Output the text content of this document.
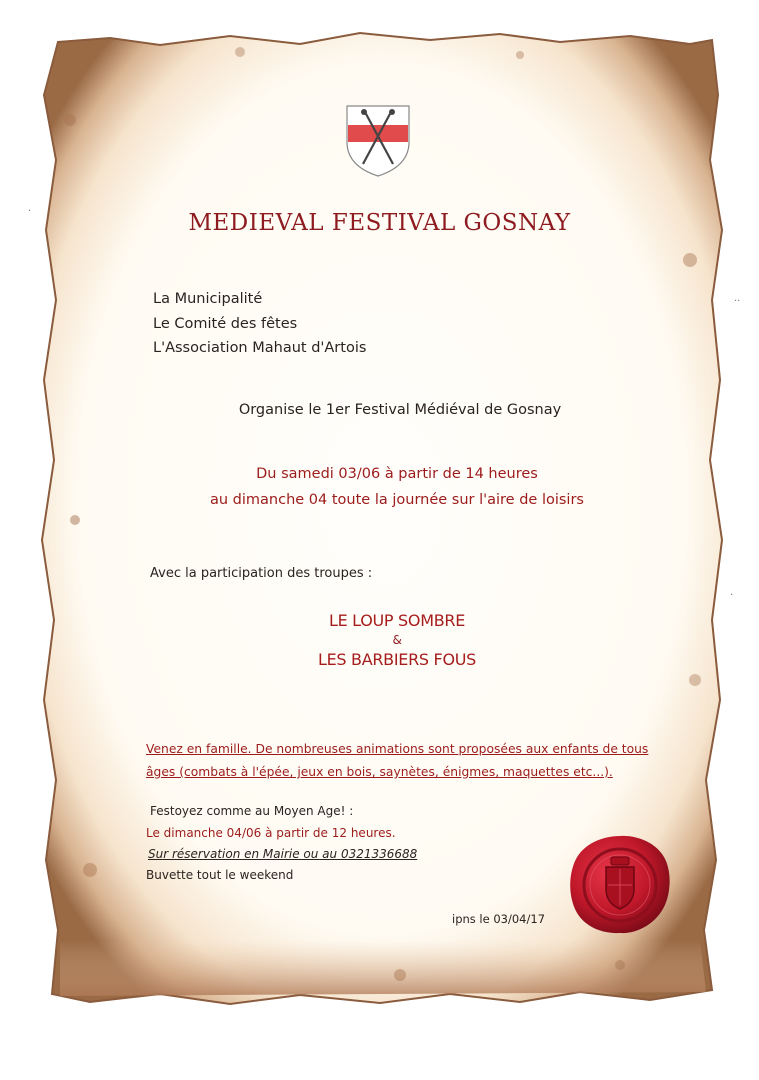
·
··
·
MEDIEVAL FESTIVAL GOSNAY
La Municipalité
Le Comité des fêtes
L'Association Mahaut d'Artois
Organise le 1er Festival Médiéval de Gosnay
Du samedi 03/06 à partir de 14 heures
au dimanche 04 toute la journée sur l'aire de loisirs
Avec la participation des troupes :
LE LOUP SOMBRE
&
LES BARBIERS FOUS
Venez en famille. De nombreuses animations sont proposées aux enfants de tous
âges (combats à l'épée, jeux en bois, saynètes, énigmes, maquettes etc...).
Festoyez comme au Moyen Age! :
Le dimanche 04/06 à partir de 12 heures.
Sur réservation en Mairie ou au 0321336688
Buvette tout le weekend
ipns le 03/04/17
